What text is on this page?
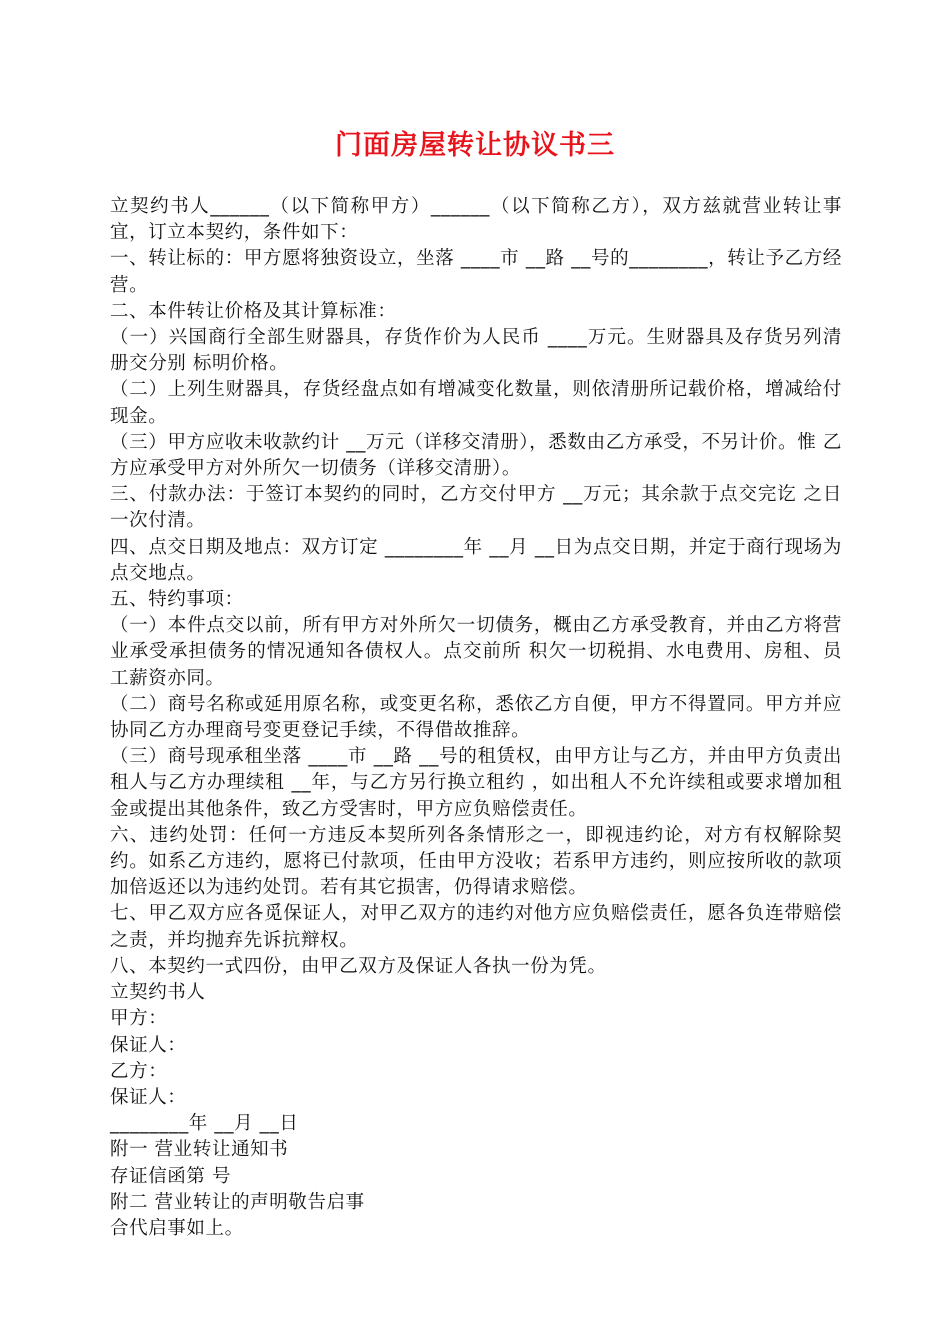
门面房屋转让协议书三

立契约书人______（以下简称甲方）______（以下简称乙方），双方兹就营业转让事宜，订立本契约，条件如下：

一、转让标的：甲方愿将独资设立，坐落 ____市 __路 __号的________，转让予乙方经营。

二、本件转让价格及其计算标准：

（一）兴国商行全部生财器具，存货作价为人民币 ____万元。生财器具及存货另列清册交分别 标明价格。

（二）上列生财器具，存货经盘点如有增减变化数量，则依清册所记载价格，增减给付现金。

（三）甲方应收未收款约计 __万元（详移交清册），悉数由乙方承受，不另计价。惟 乙方应承受甲方对外所欠一切债务（详移交清册）。

三、付款办法：于签订本契约的同时，乙方交付甲方 __万元；其余款于点交完讫 之日一次付清。

四、点交日期及地点：双方订定 ________年 __月 __日为点交日期，并定于商行现场为点交地点。

五、特约事项：

（一）本件点交以前，所有甲方对外所欠一切债务，概由乙方承受教育，并由乙方将营业承受承担债务的情况通知各债权人。点交前所 积欠一切税捐、水电费用、房租、员工薪资亦同。

（二）商号名称或延用原名称，或变更名称，悉依乙方自便，甲方不得置同。甲方并应协同乙方办理商号变更登记手续，不得借故推辞。

（三）商号现承租坐落 ____市 __路 __号的租赁权，由甲方让与乙方，并由甲方负责出租人与乙方办理续租 __年，与乙方另行换立租约 ，如出租人不允许续租或要求增加租金或提出其他条件，致乙方受害时，甲方应负赔偿责任。

六、违约处罚：任何一方违反本契所列各条情形之一，即视违约论，对方有权解除契约。如系乙方违约，愿将已付款项，任由甲方没收；若系甲方违约，则应按所收的款项加倍返还以为违约处罚。若有其它损害，仍得请求赔偿。

七、甲乙双方应各觅保证人，对甲乙双方的违约对他方应负赔偿责任，愿各负连带赔偿之责，并均抛弃先诉抗辩权。

八、本契约一式四份，由甲乙双方及保证人各执一份为凭。

立契约书人

甲方：

保证人：

乙方：

保证人：

________年 __月 __日

附一 营业转让通知书

存证信函第 号

附二 营业转让的声明敬告启事

合代启事如上。
